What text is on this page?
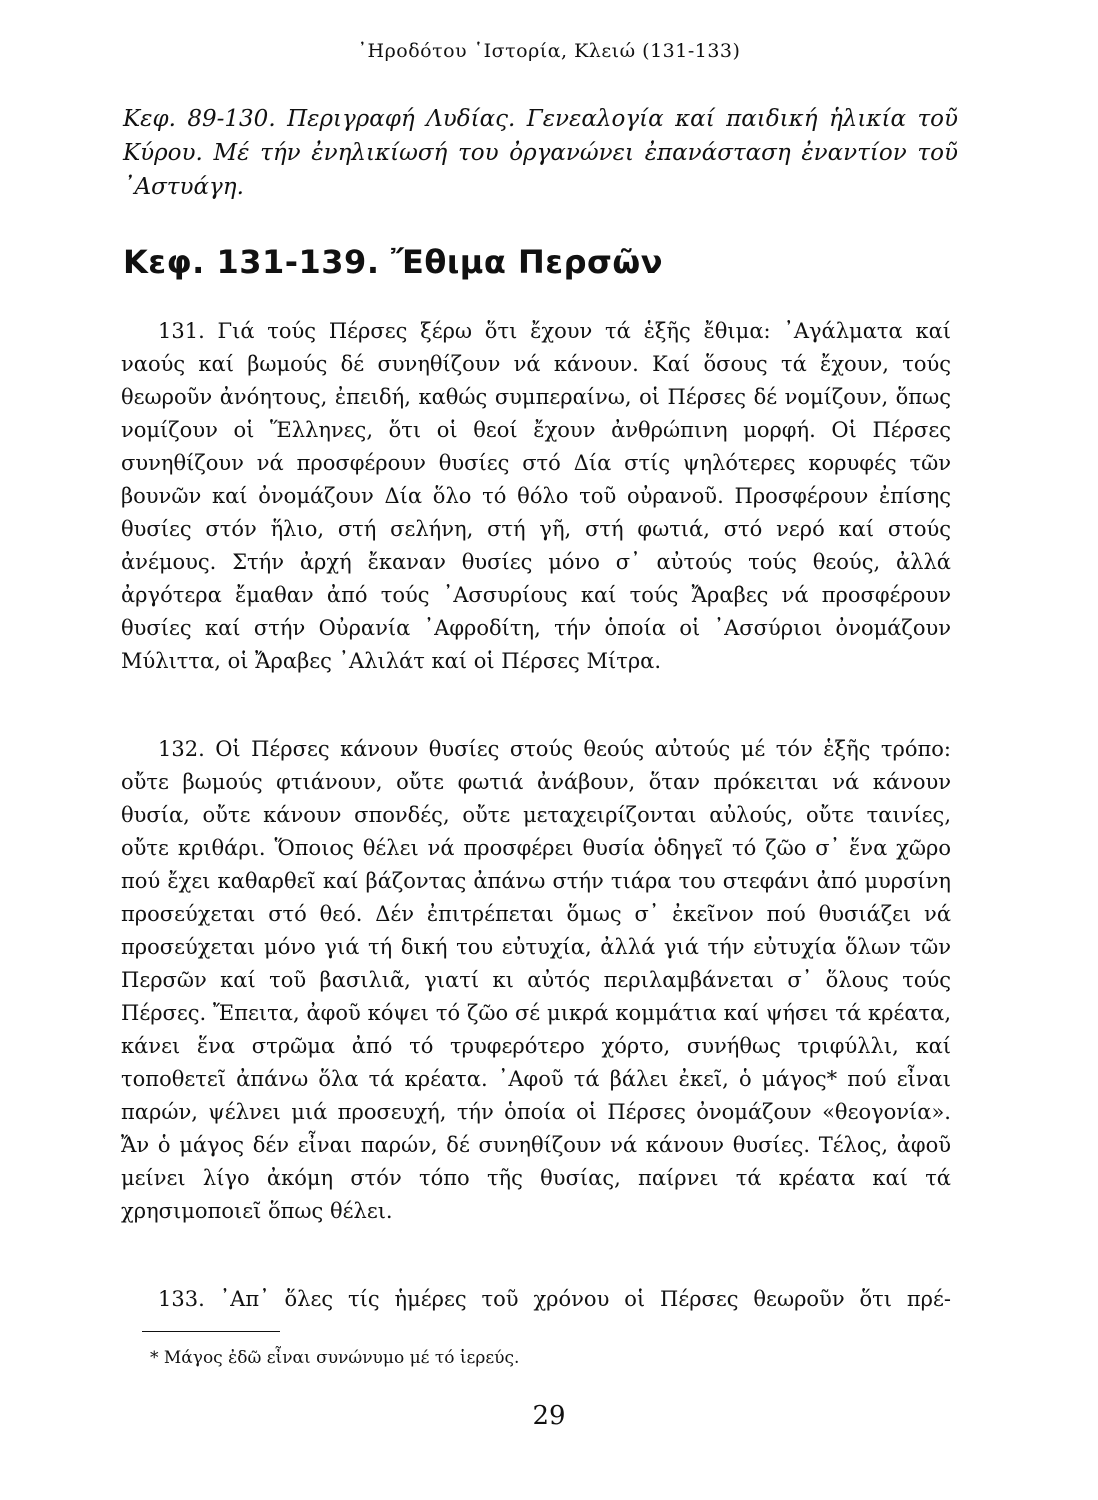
᾿Ηροδότου ῾Ιστορία, Κλειώ (131-133)
Κεφ. 89-130. Περιγραφή Λυδίας. Γενεαλογία καί παιδική ἡλικία τοῦ Κύρου. Μέ τήν ἐνηλικίωσή του ὀργανώνει ἐπανάσταση ἐναντίον τοῦ ᾿Αστυάγη.
Κεφ. 131-139. Ἔθιμα Περσῶν

131. Γιά τούς Πέρσες ξέρω ὅτι ἔχουν τά ἑξῆς ἔθιμα: ᾿Αγάλματα καί ναούς καί βωμούς δέ συνηθίζουν νά κάνουν. Καί ὅσους τά ἔχουν, τούς θεωροῦν ἀνόητους, ἐπειδή, καθώς συμπεραίνω, οἱ Πέρσες δέ νομίζουν, ὅπως νομίζουν οἱ Ἕλληνες, ὅτι οἱ θεοί ἔχουν ἀνθρώπινη μορφή. Οἱ Πέρσες συνηθίζουν νά προσφέρουν θυσίες στό Δία στίς ψηλότερες κορυφές τῶν βουνῶν καί ὀνομάζουν Δία ὅλο τό θόλο τοῦ οὐρανοῦ. Προσφέρουν ἐπίσης θυσίες στόν ἥλιο, στή σελήνη, στή γῆ, στή φωτιά, στό νερό καί στούς ἀνέμους. Στήν ἀρχή ἔκαναν θυσίες μόνο σ᾿ αὐτούς τούς θεούς, ἀλλά ἀργότερα ἔμαθαν ἀπό τούς ᾿Ασσυρίους καί τούς Ἄραβες νά προσφέρουν θυσίες καί στήν Οὐρανία ᾿Αφροδίτη, τήν ὁποία οἱ ᾿Ασσύριοι ὀνομάζουν Μύλιττα, οἱ Ἄραβες ᾿Αλιλάτ καί οἱ Πέρσες Μίτρα.

132. Οἱ Πέρσες κάνουν θυσίες στούς θεούς αὐτούς μέ τόν ἑξῆς τρόπο: οὔτε βωμούς φτιάνουν, οὔτε φωτιά ἀνάβουν, ὅταν πρόκειται νά κάνουν θυσία, οὔτε κάνουν σπονδές, οὔτε μεταχειρίζονται αὐλούς, οὔτε ταινίες, οὔτε κριθάρι. Ὅποιος θέλει νά προσφέρει θυσία ὁδηγεῖ τό ζῶο σ᾿ ἕνα χῶρο πού ἔχει καθαρθεῖ καί βάζοντας ἀπάνω στήν τιάρα του στεφάνι ἀπό μυρσίνη προσεύχεται στό θεό. Δέν ἐπιτρέπεται ὅμως σ᾿ ἐκεῖνον πού θυσιάζει νά προσεύχεται μόνο γιά τή δική του εὐτυχία, ἀλλά γιά τήν εὐτυχία ὅλων τῶν Περσῶν καί τοῦ βασιλιᾶ, γιατί κι αὐτός περιλαμβάνεται σ᾿ ὅλους τούς Πέρσες. Ἔπειτα, ἀφοῦ κόψει τό ζῶο σέ μικρά κομμάτια καί ψήσει τά κρέατα, κάνει ἕνα στρῶμα ἀπό τό τρυφερότερο χόρτο, συνήθως τριφύλλι, καί τοποθετεῖ ἀπάνω ὅλα τά κρέατα. ᾿Αφοῦ τά βάλει ἐκεῖ, ὁ μάγος* πού εἶναι παρών, ψέλνει μιά προσευχή, τήν ὁποία οἱ Πέρσες ὀνομάζουν «θεογονία». Ἄν ὁ μάγος δέν εἶναι παρών, δέ συνηθίζουν νά κάνουν θυσίες. Τέλος, ἀφοῦ μείνει λίγο ἀκόμη στόν τόπο τῆς θυσίας, παίρνει τά κρέατα καί τά χρησιμοποιεῖ ὅπως θέλει.

133. ᾿Απ᾿ ὅλες τίς ἡμέρες τοῦ χρόνου οἱ Πέρσες θεωροῦν ὅτι πρέ-

* Μάγος ἐδῶ εἶναι συνώνυμο μέ τό ἱερεύς.
29
